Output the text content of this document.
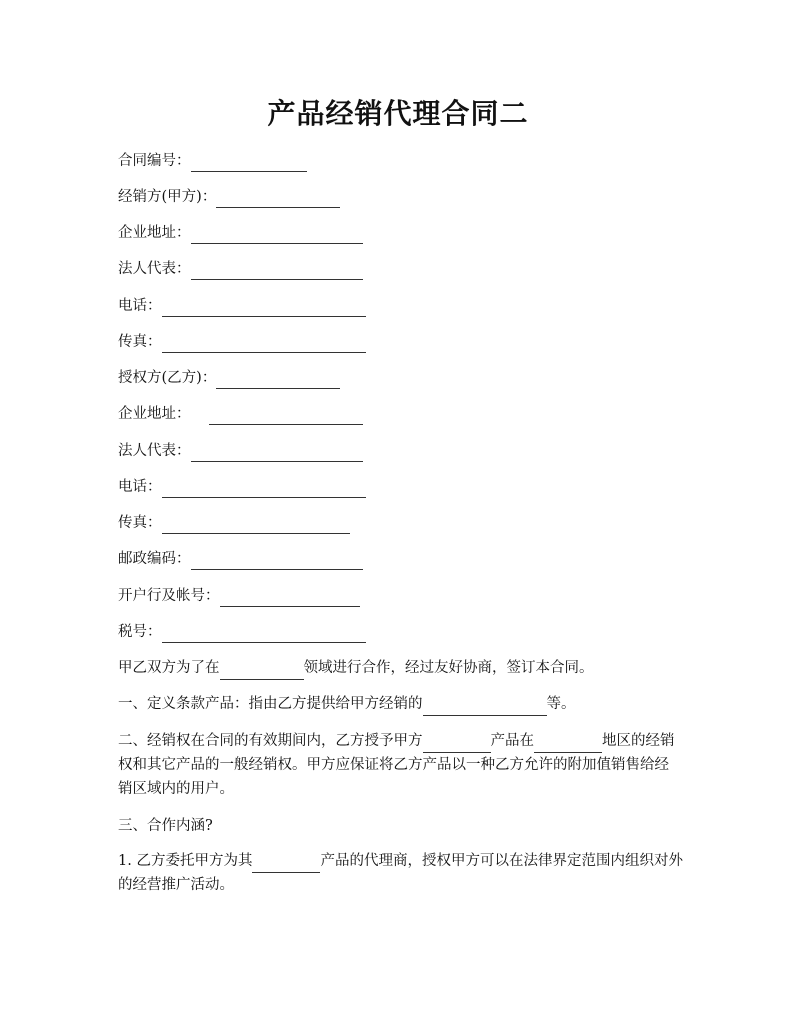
产品经销代理合同二
合同编号：
经销方(甲方)：
企业地址：
法人代表：
电话：
传真：
授权方(乙方)：
企业地址：
法人代表：
电话：
传真：
邮政编码：
开户行及帐号：
税号：
甲乙双方为了在	领域进行合作，经过友好协商，签订本合同。
一、定义条款产品：指由乙方提供给甲方经销的	等。
二、经销权在合同的有效期间内，乙方授予甲方	产品在	地区的经销权和其它产品的一般经销权。甲方应保证将乙方产品以一种乙方允许的附加值销售给经销区域内的用户。
三、合作内涵?
1. 乙方委托甲方为其	产品的代理商，授权甲方可以在法律界定范围内组织对外的经营推广活动。
